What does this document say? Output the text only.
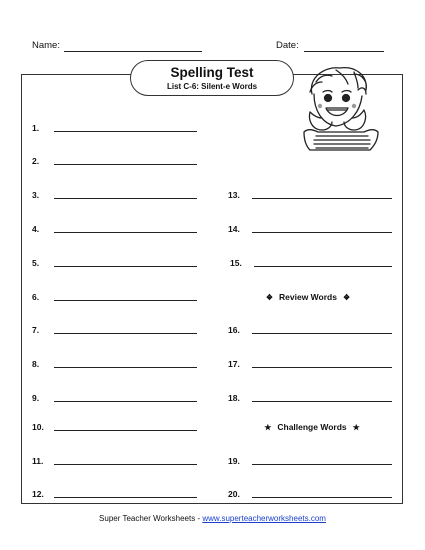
Name:	Date:
Spelling Test
List C-6: Silent-e Words
1.
2.
3.
4.
5.
6.
7.
8.
9.
10.
11.
12.
13.
14.
15.
❖ Review Words ❖
16.
17.
18.
★ Challenge Words ★
19.
20.
Super Teacher Worksheets - www.superteacherworksheets.com
